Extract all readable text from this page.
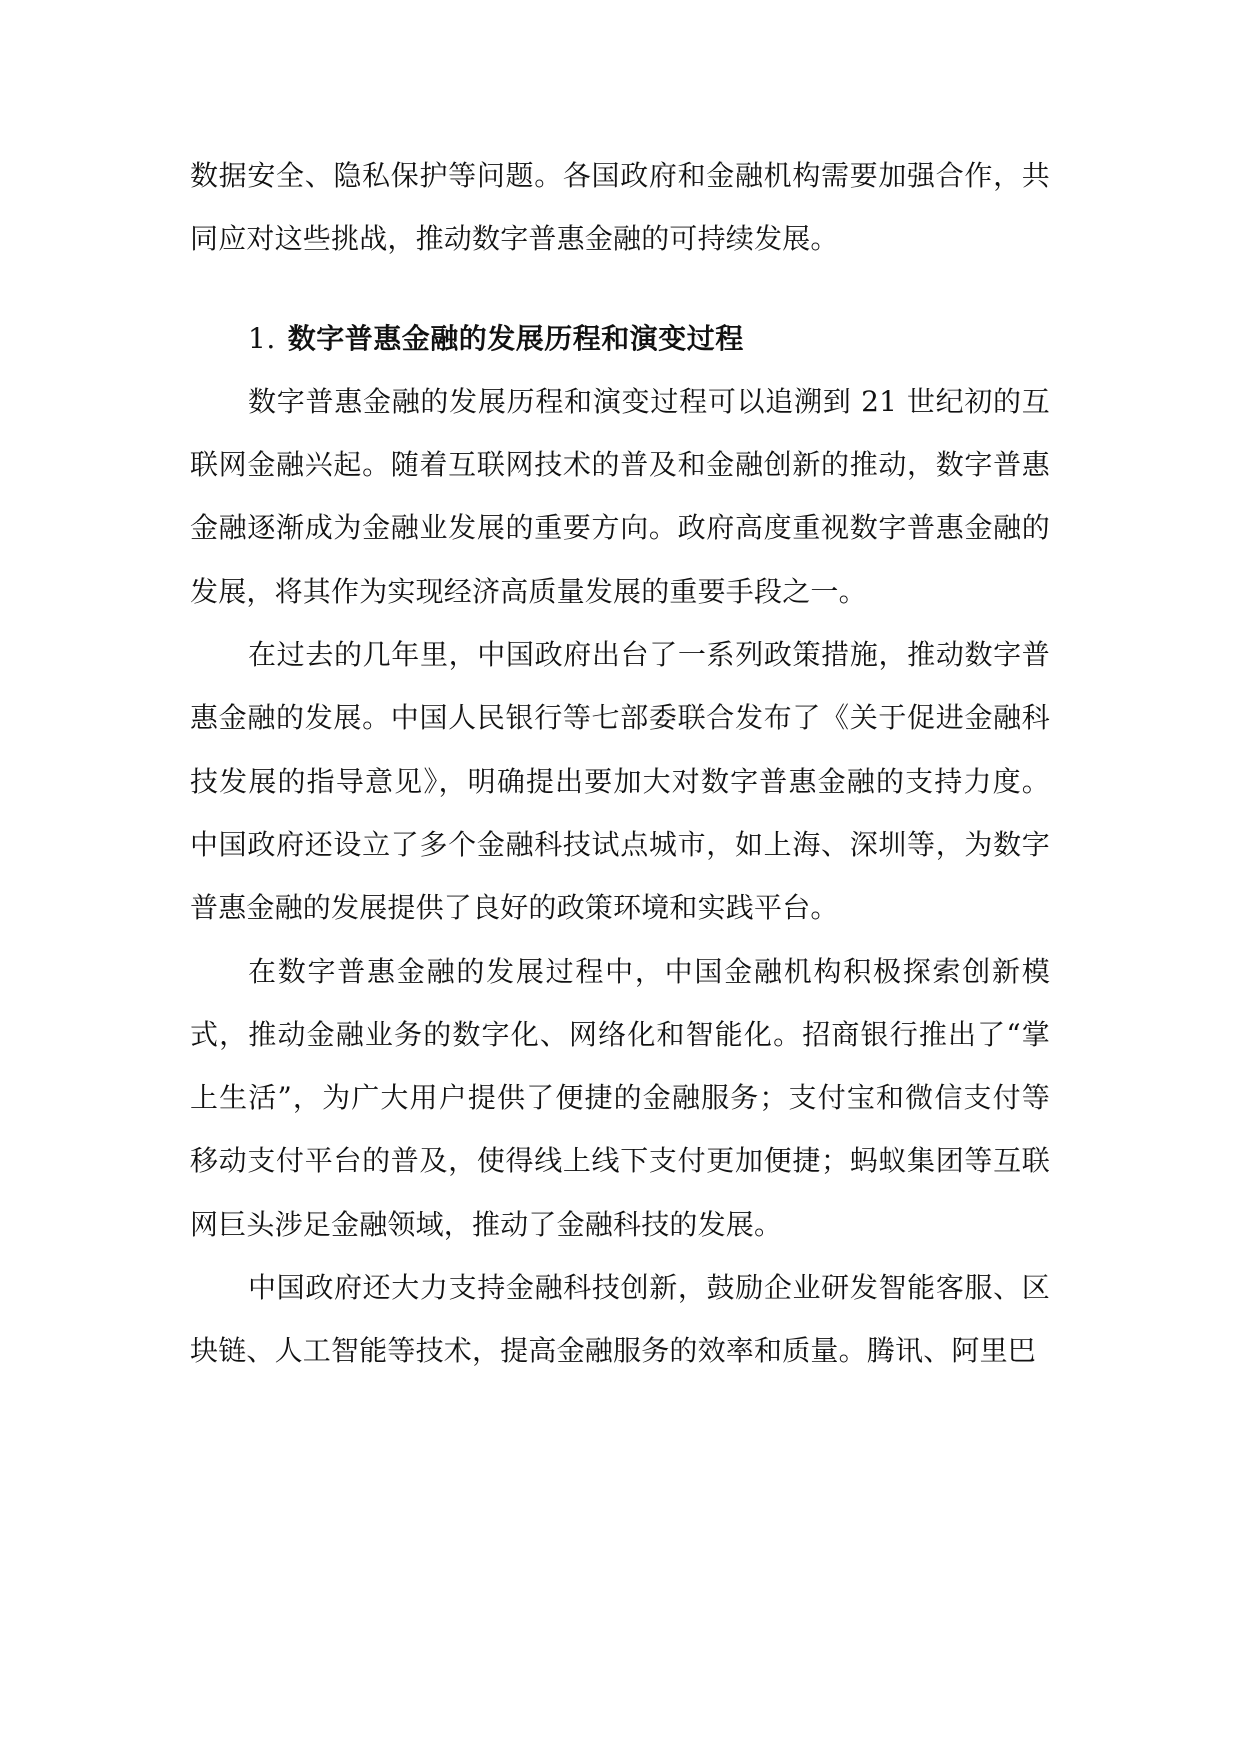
数据安全、隐私保护等问题。各国政府和金融机构需要加强合作，共同应对这些挑战，推动数字普惠金融的可持续发展。

1. 数字普惠金融的发展历程和演变过程

数字普惠金融的发展历程和演变过程可以追溯到 21 世纪初的互联网金融兴起。随着互联网技术的普及和金融创新的推动，数字普惠金融逐渐成为金融业发展的重要方向。政府高度重视数字普惠金融的发展，将其作为实现经济高质量发展的重要手段之一。

在过去的几年里，中国政府出台了一系列政策措施，推动数字普惠金融的发展。中国人民银行等七部委联合发布了《关于促进金融科技发展的指导意见》，明确提出要加大对数字普惠金融的支持力度。中国政府还设立了多个金融科技试点城市，如上海、深圳等，为数字普惠金融的发展提供了良好的政策环境和实践平台。

在数字普惠金融的发展过程中，中国金融机构积极探索创新模式，推动金融业务的数字化、网络化和智能化。招商银行推出了“掌上生活”，为广大用户提供了便捷的金融服务；支付宝和微信支付等移动支付平台的普及，使得线上线下支付更加便捷；蚂蚁集团等互联网巨头涉足金融领域，推动了金融科技的发展。

中国政府还大力支持金融科技创新，鼓励企业研发智能客服、区块链、人工智能等技术，提高金融服务的效率和质量。腾讯、阿里巴
